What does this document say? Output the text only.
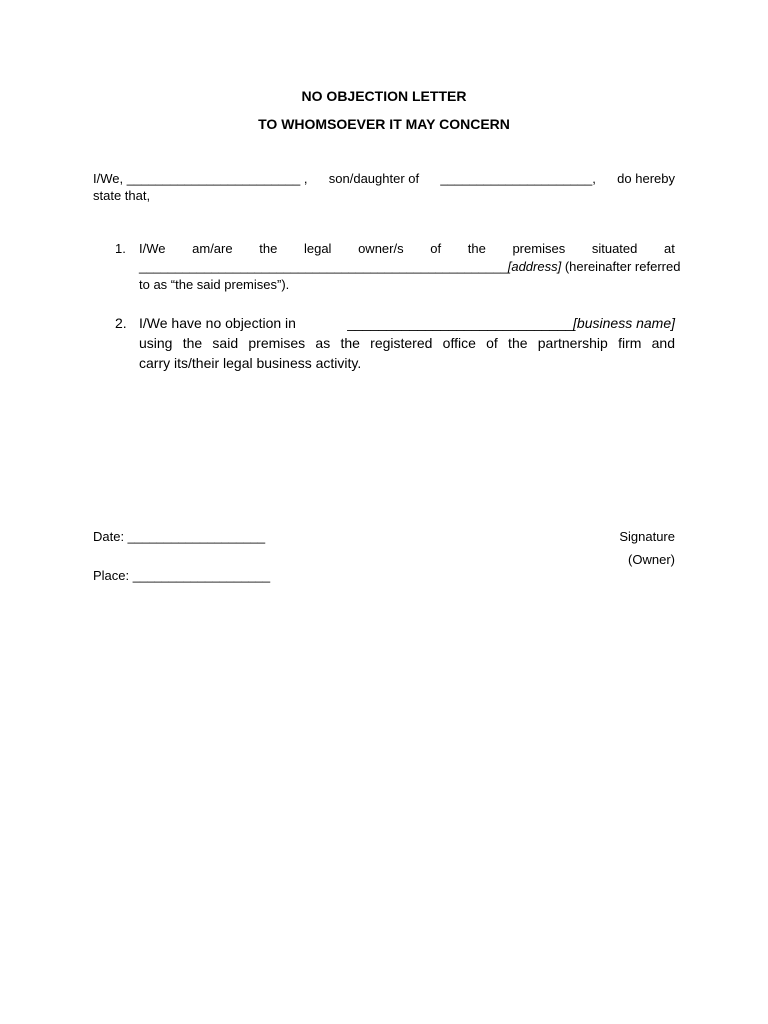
NO OBJECTION LETTER
TO WHOMSOEVER IT MAY CONCERN
I/We, ________________________ , son/daughter of _____________________, do hereby
state that,
1. I/We am/are the legal owner/s of the premises situated at
___________________________________________________[address] (hereinafter referred
to as “the said premises”).
2. I/We have no objection in	_____________________________[business name]
using the said premises as the registered office of the partnership firm and
carry its/their legal business activity.
Date: ___________________
Place: ___________________
Signature
(Owner)
